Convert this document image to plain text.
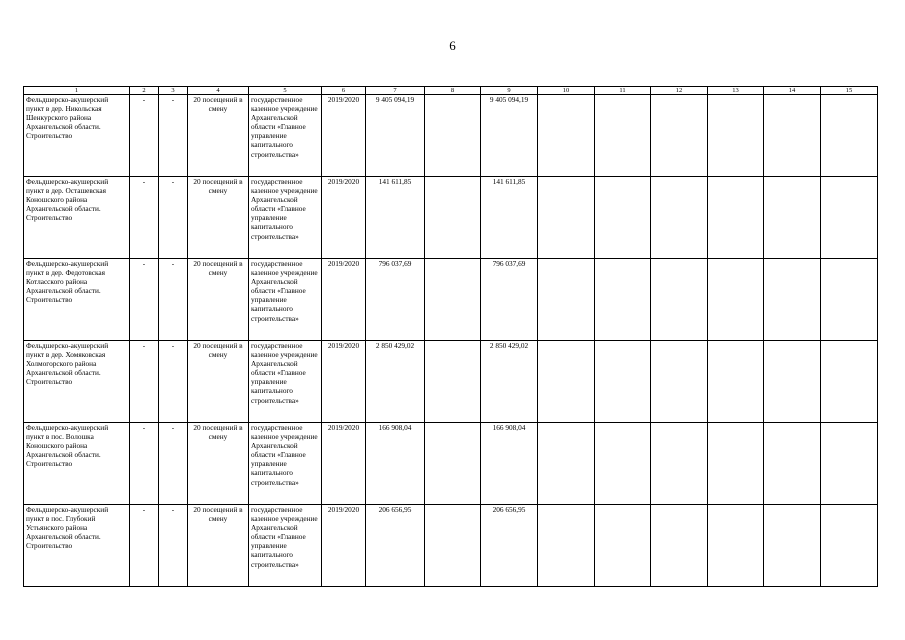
6
1	2	3	4	5	6	7	8	9	10	11	12	13	14	15
Фельдшерско-акушерский пункт в дер. Никольская Шенкурского района Архангельской области. Строительство	-	-	20 посещений в смену	государственное казенное учреждение Архангельской области «Главное управление капитального строительства»	2019/2020	9 405 094,19		9 405 094,19						
Фельдшерско-акушерский пункт в дер. Осташевская Коношского района Архангельской области. Строительство	-	-	20 посещений в смену	государственное казенное учреждение Архангельской области «Главное управление капитального строительства»	2019/2020	141 611,85		141 611,85						
Фельдшерско-акушерский пункт в дер. Федотовская Котласского района Архангельской области. Строительство	-	-	20 посещений в смену	государственное казенное учреждение Архангельской области «Главное управление капитального строительства»	2019/2020	796 037,69		796 037,69						
Фельдшерско-акушерский пункт в дер. Хомяковская Холмогорского района Архангельской области. Строительство	-	-	20 посещений в смену	государственное казенное учреждение Архангельской области «Главное управление капитального строительства»	2019/2020	2 850 429,02		2 850 429,02						
Фельдшерско-акушерский пункт в пос. Волошка Коношского района Архангельской области. Строительство	-	-	20 посещений в смену	государственное казенное учреждение Архангельской области «Главное управление капитального строительства»	2019/2020	166 908,04		166 908,04						
Фельдшерско-акушерский пункт в пос. Глубокий Устьянского района Архангельской области. Строительство	-	-	20 посещений в смену	государственное казенное учреждение Архангельской области «Главное управление капитального строительства»	2019/2020	206 656,95		206 656,95						
